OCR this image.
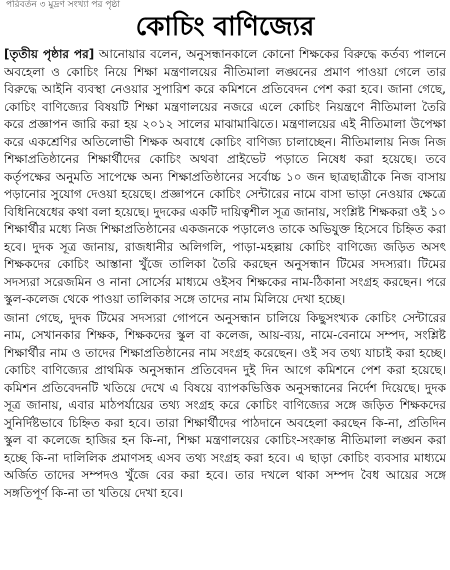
পরিবর্তন ৩ মুদ্রণ সংখ্যা পর পৃষ্ঠা
কোচিং বাণিজ্যের

[তৃতীয় পৃষ্ঠার পর] আনোয়ার বলেন, অনুসন্ধানকালে কোনো শিক্ষকের বিরুদ্ধে কর্তব্য পালনে অবহেলা ও কোচিং নিয়ে শিক্ষা মন্ত্রণালয়ের নীতিমালা লঙ্ঘনের প্রমাণ পাওয়া গেলে তার বিরুদ্ধে আইনি ব্যবস্থা নেওয়ার সুপারিশ করে কমিশনে প্রতিবেদন পেশ করা হবে। জানা গেছে, কোচিং বাণিজ্যের বিষয়টি শিক্ষা মন্ত্রণালয়ের নজরে এলে কোচিং নিয়ন্ত্রণে নীতিমালা তৈরি করে প্রজ্ঞাপন জারি করা হয় ২০১২ সালের মাঝামাঝিতে। মন্ত্রণালয়ের এই নীতিমালা উপেক্ষা করে একশ্রেণির অতিলোভী শিক্ষক অবাধে কোচিং বাণিজ্য চালাচ্ছেন। নীতিমালায় নিজ নিজ শিক্ষাপ্রতিষ্ঠানের শিক্ষার্থীদের কোচিং অথবা প্রাইভেট পড়াতে নিষেধ করা হয়েছে। তবে কর্তৃপক্ষের অনুমতি সাপেক্ষে অন্য শিক্ষাপ্রতিষ্ঠানের সর্বোচ্চ ১০ জন ছাত্রছাত্রীকে নিজ বাসায় পড়ানোর সুযোগ দেওয়া হয়েছে। প্রজ্ঞাপনে কোচিং সেন্টারের নামে বাসা ভাড়া নেওয়ার ক্ষেত্রে বিধিনিষেধের কথা বলা হয়েছে। দুদকের একটি দায়িত্বশীল সূত্র জানায়, সংশ্লিষ্ট শিক্ষকরা ওই ১০ শিক্ষার্থীর মধ্যে নিজ শিক্ষাপ্রতিষ্ঠানের একজনকে পড়ালেও তাকে অভিযুক্ত হিসেবে চিহ্নিত করা হবে। দুদক সূত্র জানায়, রাজধানীর অলিগলি, পাড়া-মহল্লায় কোচিং বাণিজ্যে জড়িত অসৎ শিক্ষকদের কোচিং আস্তানা খুঁজে তালিকা তৈরি করছেন অনুসন্ধান টিমের সদস্যরা। টিমের সদস্যরা সরেজমিন ও নানা সোর্সের মাধ্যমে ওইসব শিক্ষকের নাম-ঠিকানা সংগ্রহ করছেন। পরে স্কুল-কলেজ থেকে পাওয়া তালিকার সঙ্গে তাদের নাম মিলিয়ে দেখা হচ্ছে।

জানা গেছে, দুদক টিমের সদস্যরা গোপনে অনুসন্ধান চালিয়ে কিছুসংখ্যক কোচিং সেন্টারের নাম, সেখানকার শিক্ষক, শিক্ষকদের স্কুল বা কলেজ, আয়-ব্যয়, নামে-বেনামে সম্পদ, সংশ্লিষ্ট শিক্ষার্থীর নাম ও তাদের শিক্ষাপ্রতিষ্ঠানের নাম সংগ্রহ করেছেন। ওই সব তথ্য যাচাই করা হচ্ছে। কোচিং বাণিজ্যের প্রাথমিক অনুসন্ধান প্রতিবেদন দুই দিন আগে কমিশনে পেশ করা হয়েছে। কমিশন প্রতিবেদনটি খতিয়ে দেখে এ বিষয়ে ব্যাপকভিত্তিক অনুসন্ধানের নির্দেশ দিয়েছে। দুদক সূত্র জানায়, এবার মাঠপর্যায়ের তথ্য সংগ্রহ করে কোচিং বাণিজ্যের সঙ্গে জড়িত শিক্ষকদের সুনির্দিষ্টভাবে চিহ্নিত করা হবে। তারা শিক্ষার্থীদের পাঠদানে অবহেলা করছেন কি-না, প্রতিদিন স্কুল বা কলেজে হাজির হন কি-না, শিক্ষা মন্ত্রণালয়ের কোচিং-সংক্রান্ত নীতিমালা লঙ্ঘন করা হচ্ছে কি-না দালিলিক প্রমাণসহ এসব তথ্য সংগ্রহ করা হবে। এ ছাড়া কোচিং ব্যবসার মাধ্যমে অর্জিত তাদের সম্পদও খুঁজে বের করা হবে। তার দখলে থাকা সম্পদ বৈধ আয়ের সঙ্গে সঙ্গতিপূর্ণ কি-না তা খতিয়ে দেখা হবে।
